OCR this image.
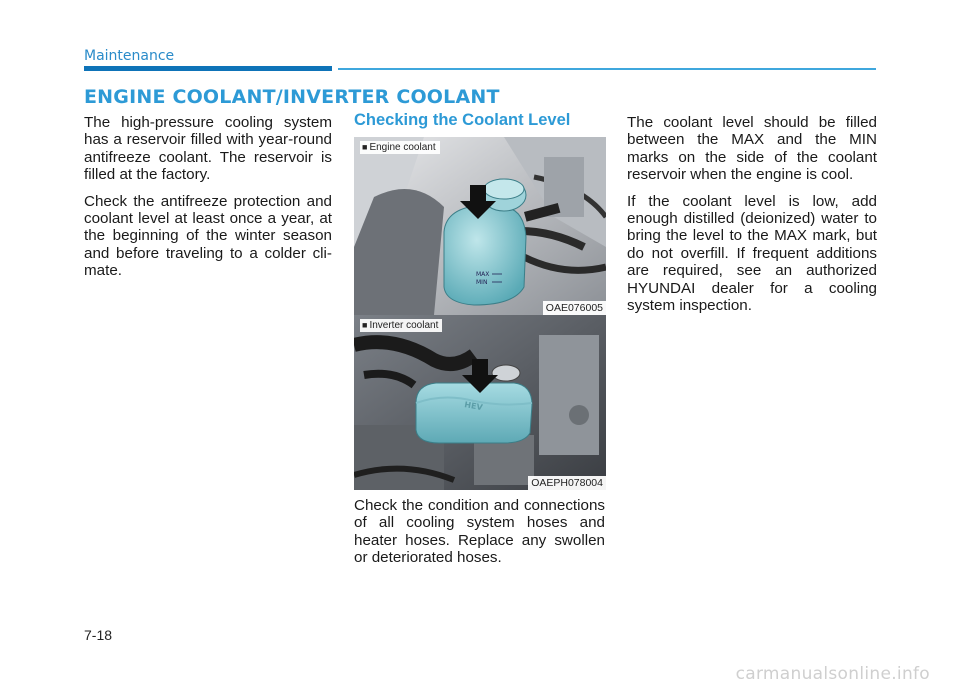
Maintenance
ENGINE COOLANT/INVERTER COOLANT

The high-pressure cooling system has a reservoir filled with year-round antifreeze coolant. The reservoir is filled at the factory.

Check the antifreeze protection and coolant level at least once a year, at the beginning of the winter season and before traveling to a colder cli- mate.

Checking the Coolant Level
MAX
MIN
■ Engine coolant
OAE076005
HEV
■ Inverter coolant
OAEPH078004

Check the condition and connections of all cooling system hoses and heater hoses. Replace any swollen or deteriorated hoses.

The coolant level should be filled between the MAX and the MIN marks on the side of the coolant reservoir when the engine is cool.

If the coolant level is low, add enough distilled (deionized) water to bring the level to the MAX mark, but do not overfill. If frequent additions are required, see an authorized HYUNDAI dealer for a cooling system inspection.

7-18
carmanualsonline.info
